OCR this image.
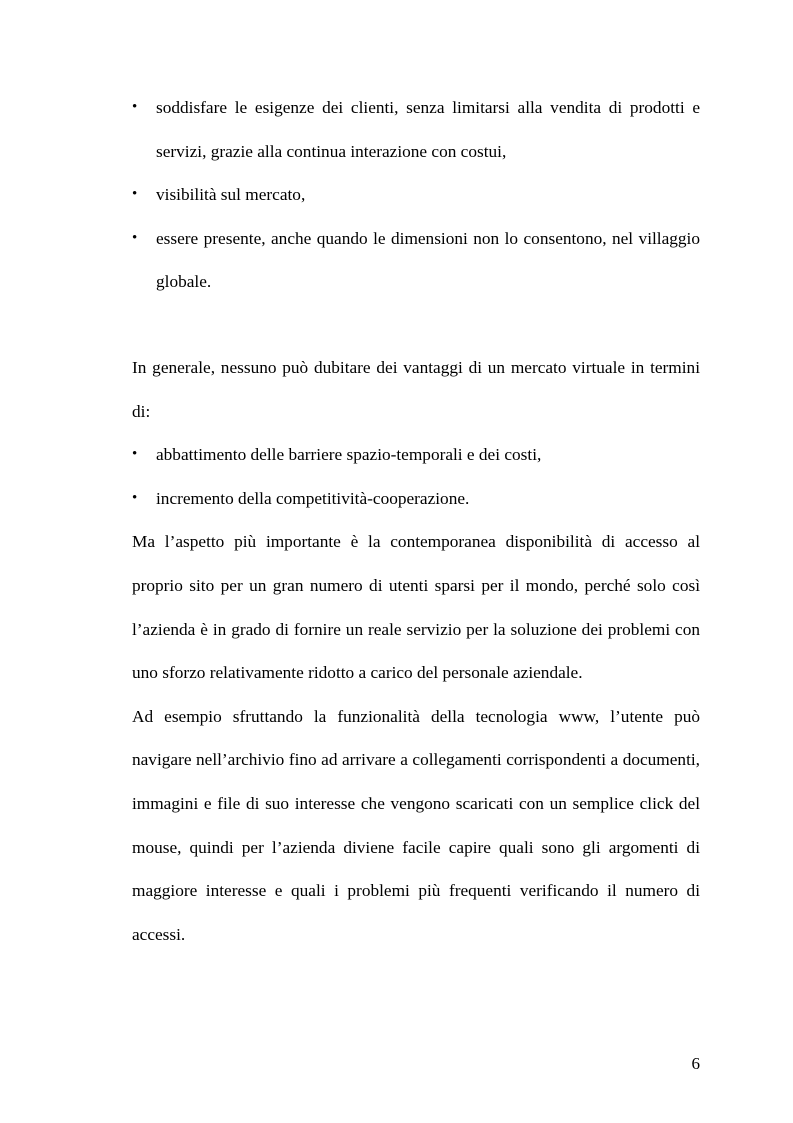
• soddisfare le esigenze dei clienti, senza limitarsi alla vendita di prodotti e servizi, grazie alla continua interazione con costui,
• visibilità sul mercato,
• essere presente, anche quando le dimensioni non lo consentono, nel villaggio globale.

In generale, nessuno può dubitare dei vantaggi di un mercato virtuale in termini di:

• abbattimento delle barriere spazio-temporali e dei costi,
• incremento della competitività-cooperazione.

Ma l’aspetto più importante è la contemporanea disponibilità di accesso al proprio sito per un gran numero di utenti sparsi per il mondo, perché solo così l’azienda è in grado di fornire un reale servizio per la soluzione dei problemi con uno sforzo relativamente ridotto a carico del personale aziendale.

Ad esempio sfruttando la funzionalità della tecnologia www, l’utente può navigare nell’archivio fino ad arrivare a collegamenti corrispondenti a documenti, immagini e file di suo interesse che vengono scaricati con un semplice click del mouse, quindi per l’azienda diviene facile capire quali sono gli argomenti di maggiore interesse e quali i problemi più frequenti verificando il numero di accessi.

6
